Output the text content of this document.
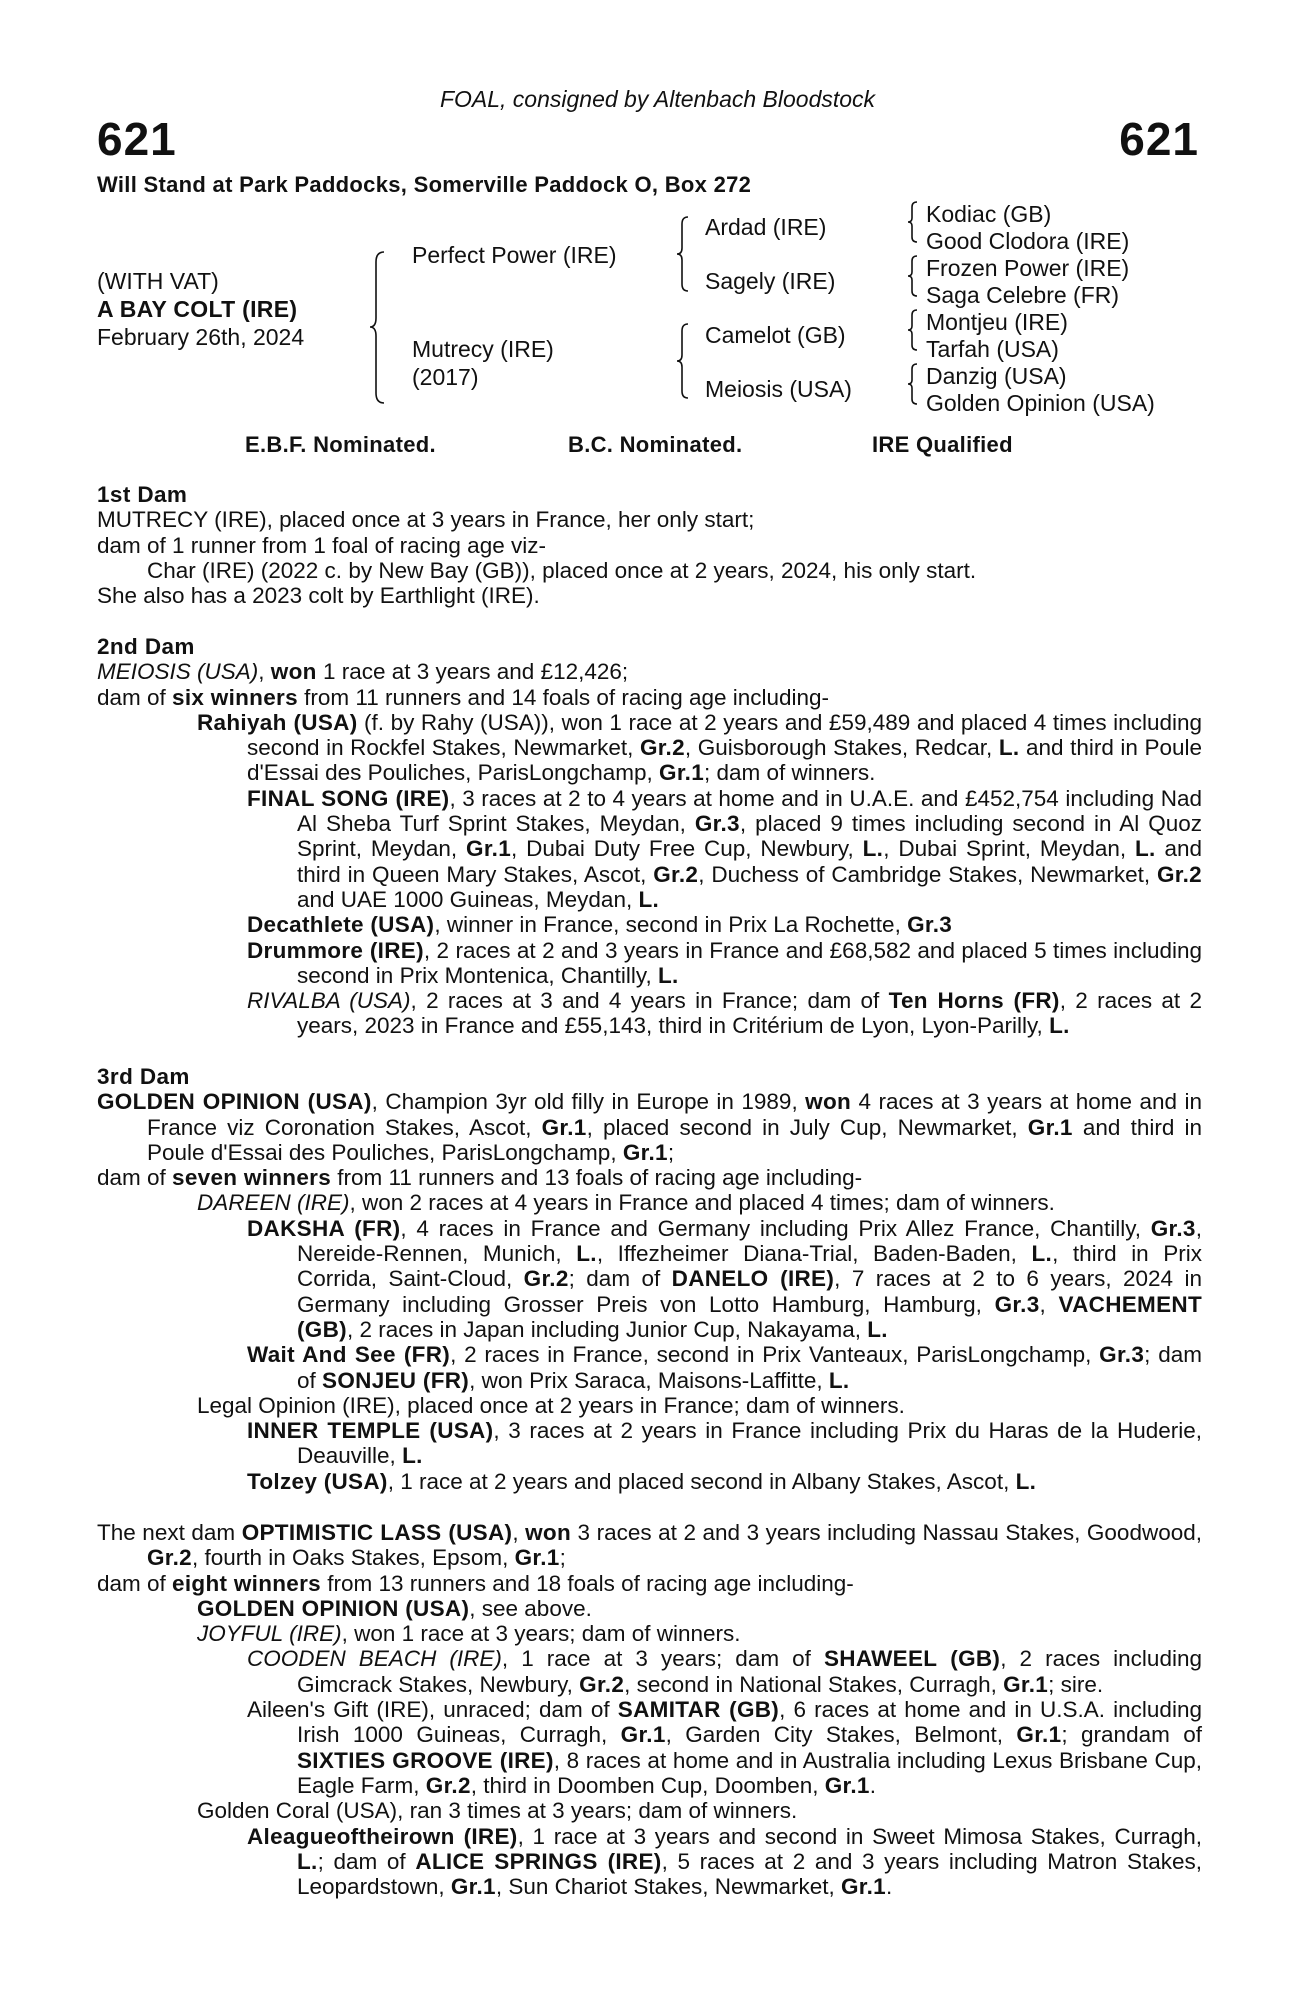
621	621
FOAL, consigned by Altenbach Bloodstock
Will Stand at Park Paddocks, Somerville Paddock O, Box 272
(WITH VAT)
A BAY COLT (IRE)
February 26th, 2024
Perfect Power (IRE)
Mutrecy (IRE)
(2017)
Ardad (IRE)
Sagely (IRE)
Camelot (GB)
Meiosis (USA)
Kodiac (GB)
Good Clodora (IRE)
Frozen Power (IRE)
Saga Celebre (FR)
Montjeu (IRE)
Tarfah (USA)
Danzig (USA)
Golden Opinion (USA)
E.B.F. Nominated.	B.C. Nominated.	IRE Qualified

1st Dam

MUTRECY (IRE), placed once at 3 years in France, her only start;

dam of 1 runner from 1 foal of racing age viz-

Char (IRE) (2022 c. by New Bay (GB)), placed once at 2 years, 2024, his only start.

She also has a 2023 colt by Earthlight (IRE).

2nd Dam

MEIOSIS (USA), won 1 race at 3 years and £12,426;

dam of six winners from 11 runners and 14 foals of racing age including-

Rahiyah (USA) (f. by Rahy (USA)), won 1 race at 2 years and £59,489 and placed 4 times including second in Rockfel Stakes, Newmarket, Gr.2, Guisborough Stakes, Redcar, L. and third in Poule d'Essai des Pouliches, ParisLongchamp, Gr.1; dam of winners.

FINAL SONG (IRE), 3 races at 2 to 4 years at home and in U.A.E. and £452,754 including Nad Al Sheba Turf Sprint Stakes, Meydan, Gr.3, placed 9 times including second in Al Quoz Sprint, Meydan, Gr.1, Dubai Duty Free Cup, Newbury, L., Dubai Sprint, Meydan, L. and third in Queen Mary Stakes, Ascot, Gr.2, Duchess of Cambridge Stakes, Newmarket, Gr.2 and UAE 1000 Guineas, Meydan, L.

Decathlete (USA), winner in France, second in Prix La Rochette, Gr.3

Drummore (IRE), 2 races at 2 and 3 years in France and £68,582 and placed 5 times including second in Prix Montenica, Chantilly, L.

RIVALBA (USA), 2 races at 3 and 4 years in France; dam of Ten Horns (FR), 2 races at 2 years, 2023 in France and £55,143, third in Critérium de Lyon, Lyon-Parilly, L.

3rd Dam

GOLDEN OPINION (USA), Champion 3yr old filly in Europe in 1989, won 4 races at 3 years at home and in France viz Coronation Stakes, Ascot, Gr.1, placed second in July Cup, Newmarket, Gr.1 and third in Poule d'Essai des Pouliches, ParisLongchamp, Gr.1;

dam of seven winners from 11 runners and 13 foals of racing age including-

DAREEN (IRE), won 2 races at 4 years in France and placed 4 times; dam of winners.

DAKSHA (FR), 4 races in France and Germany including Prix Allez France, Chantilly, Gr.3, Nereide-Rennen, Munich, L., Iffezheimer Diana-Trial, Baden-Baden, L., third in Prix Corrida, Saint-Cloud, Gr.2; dam of DANELO (IRE), 7 races at 2 to 6 years, 2024 in Germany including Grosser Preis von Lotto Hamburg, Hamburg, Gr.3, VACHEMENT (GB), 2 races in Japan including Junior Cup, Nakayama, L.

Wait And See (FR), 2 races in France, second in Prix Vanteaux, ParisLongchamp, Gr.3; dam of SONJEU (FR), won Prix Saraca, Maisons-Laffitte, L.

Legal Opinion (IRE), placed once at 2 years in France; dam of winners.

INNER TEMPLE (USA), 3 races at 2 years in France including Prix du Haras de la Huderie, Deauville, L.

Tolzey (USA), 1 race at 2 years and placed second in Albany Stakes, Ascot, L.

The next dam OPTIMISTIC LASS (USA), won 3 races at 2 and 3 years including Nassau Stakes, Goodwood, Gr.2, fourth in Oaks Stakes, Epsom, Gr.1;

dam of eight winners from 13 runners and 18 foals of racing age including-

GOLDEN OPINION (USA), see above.

JOYFUL (IRE), won 1 race at 3 years; dam of winners.

COODEN BEACH (IRE), 1 race at 3 years; dam of SHAWEEL (GB), 2 races including Gimcrack Stakes, Newbury, Gr.2, second in National Stakes, Curragh, Gr.1; sire.

Aileen's Gift (IRE), unraced; dam of SAMITAR (GB), 6 races at home and in U.S.A. including Irish 1000 Guineas, Curragh, Gr.1, Garden City Stakes, Belmont, Gr.1; grandam of SIXTIES GROOVE (IRE), 8 races at home and in Australia including Lexus Brisbane Cup, Eagle Farm, Gr.2, third in Doomben Cup, Doomben, Gr.1.

Golden Coral (USA), ran 3 times at 3 years; dam of winners.

Aleagueoftheirown (IRE), 1 race at 3 years and second in Sweet Mimosa Stakes, Curragh, L.; dam of ALICE SPRINGS (IRE), 5 races at 2 and 3 years including Matron Stakes, Leopardstown, Gr.1, Sun Chariot Stakes, Newmarket, Gr.1.
